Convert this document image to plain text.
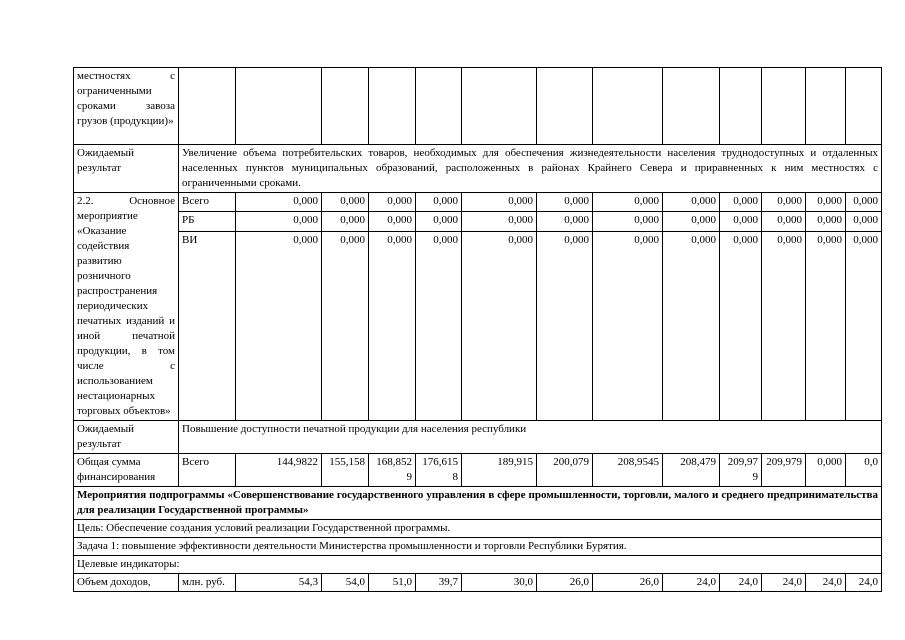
местностях с ограниченными сроками завоза грузов (продукции)»													
Ожидаемый результат	Увеличение объема потребительских товаров, необходимых для обеспечения жизнедеятельности населения труднодоступных и отдаленных населенных пунктов муниципальных образований, расположенных в районах Крайнего Севера и приравненных к ним местностях с ограниченными сроками.												
2.2. Основное мероприятие «Оказание содействия развитию розничного распространения периодических печатных изданий и иной печатной продукции, в том числе с использованием нестационарных торговых объектов»	Всего	0,000	0,000	0,000	0,000	0,000	0,000	0,000	0,000	0,000	0,000	0,000	0,000
	РБ	0,000	0,000	0,000	0,000	0,000	0,000	0,000	0,000	0,000	0,000	0,000	0,000
	ВИ	0,000	0,000	0,000	0,000	0,000	0,000	0,000	0,000	0,000	0,000	0,000	0,000
Ожидаемый результат	Повышение доступности печатной продукции для населения республики												
Общая сумма финансирования	Всего	144,9822	155,158	168,8529	176,6158	189,915	200,079	208,9545	208,479	209,979	209,979	0,000	0,0
Мероприятия подпрограммы «Совершенствование государственного управления в сфере промышленности, торговли, малого и среднего предпринимательства для реализации Государственной программы»													
Цель: Обеспечение создания условий реализации Государственной программы.													
Задача 1: повышение эффективности деятельности Министерства промышленности и торговли Республики Бурятия.													
Целевые индикаторы:													
Объем доходов,	млн. руб.	54,3	54,0	51,0	39,7	30,0	26,0	26,0	24,0	24,0	24,0	24,0	24,0
